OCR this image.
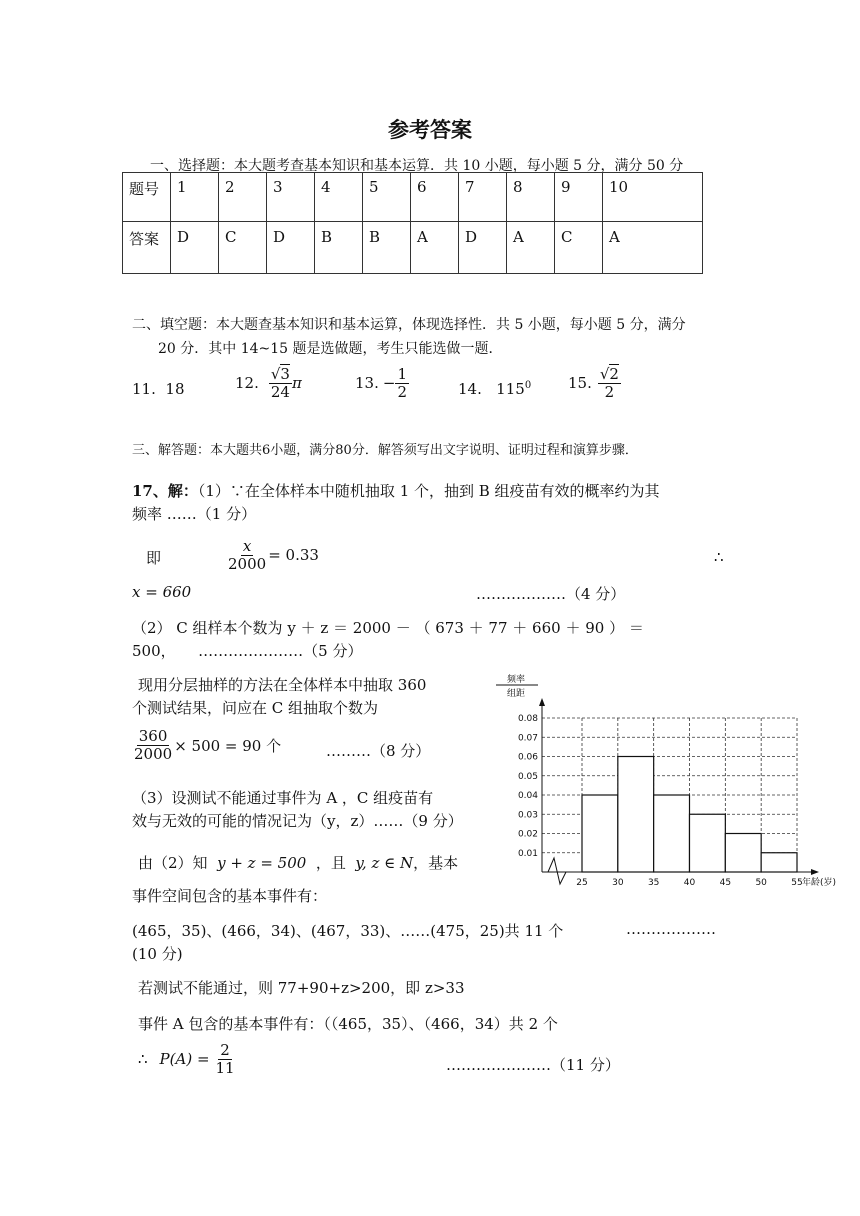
参考答案
一、选择题：本大题考查基本知识和基本运算．共 10 小题，每小题 5 分，满分 50 分
题号	1	2	3	4	5	6	7	8	9	10
答案	D	C	D	B	B	A	D	A	C	A
二、填空题：本大题查基本知识和基本运算，体现选择性．共 5 小题，每小题 5 分，满分
20 分．其中 14~15 题是选做题，考生只能选做一题．
11. 18	12. $\frac{√3}{24}$ π	13. − $\frac{1}{2}$	14. $115^0$ 15. $\frac{√2}{2}$
三、解答题：本大题共6小题，满分80分．解答须写出文字说明、证明过程和演算步骤．
17、解：（1）∵在全体样本中随机抽取 1 个，抽到 B 组疫苗有效的概率约为其
频率 ……（1 分）
即	$\frac{x}{2000} = 0.33$	∴
x = 660	………………（4 分）
（2） C 组样本个数为 y ＋ z ＝ 2000 － （ 673 ＋ 77 ＋ 660 ＋ 90 ） ＝
500，　　…………………（5 分）
现用分层抽样的方法在全体样本中抽取 360
个测试结果，问应在 C 组抽取个数为
$\frac{360}{2000} \times 500 = 90$ 个	………（8 分）
（3）设测试不能通过事件为 A ，C 组疫苗有
效与无效的可能的情况记为（y，z）……（9 分）
由（2）知 y + z = 500 ，且 y, z ∈ N，基本
事件空间包含的基本事件有：
(465，35)、(466，34)、(467，33)、……(475，25)共 11 个	………………
(10 分)
若测试不能通过，则 77+90+z>200，即 z>33
事件 A 包含的基本事件有：（（465，35）、（466，34）共 2 个
∴ $P(A) = \frac{2}{11}$	…………………（11 分）
频率
组距
0.01
0.02
0.03
0.04
0.05
0.06
0.07
0.08
25	30	35	40	45	50	55 年龄(岁)
